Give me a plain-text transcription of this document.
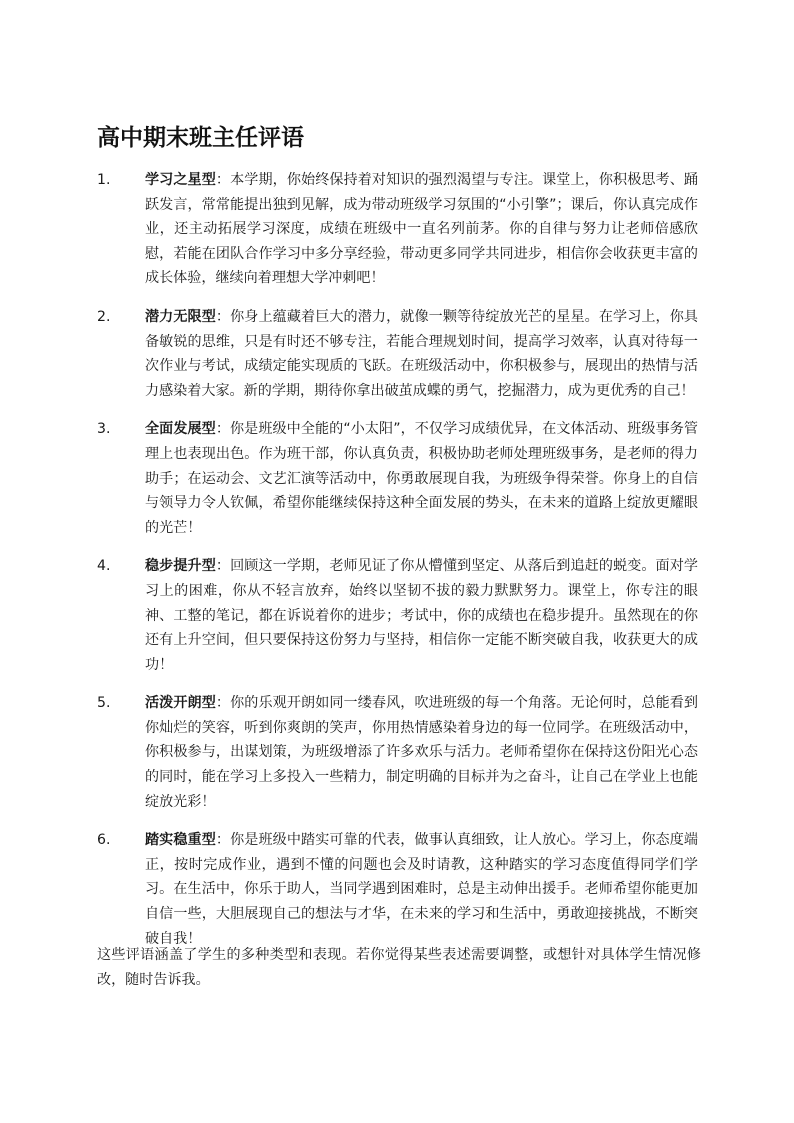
高中期末班主任评语
1. 学习之星型：本学期，你始终保持着对知识的强烈渴望与专注。课堂上，你积极思考、踊跃发言，常常能提出独到见解，成为带动班级学习氛围的“小引擎”；课后，你认真完成作业，还主动拓展学习深度，成绩在班级中一直名列前茅。你的自律与努力让老师倍感欣慰，若能在团队合作学习中多分享经验，带动更多同学共同进步，相信你会收获更丰富的成长体验，继续向着理想大学冲刺吧！
2. 潜力无限型：你身上蕴藏着巨大的潜力，就像一颗等待绽放光芒的星星。在学习上，你具备敏锐的思维，只是有时还不够专注，若能合理规划时间，提高学习效率，认真对待每一次作业与考试，成绩定能实现质的飞跃。在班级活动中，你积极参与，展现出的热情与活力感染着大家。新的学期，期待你拿出破茧成蝶的勇气，挖掘潜力，成为更优秀的自己！
3. 全面发展型：你是班级中全能的“小太阳”，不仅学习成绩优异，在文体活动、班级事务管理上也表现出色。作为班干部，你认真负责，积极协助老师处理班级事务，是老师的得力助手；在运动会、文艺汇演等活动中，你勇敢展现自我，为班级争得荣誉。你身上的自信与领导力令人钦佩，希望你能继续保持这种全面发展的势头，在未来的道路上绽放更耀眼的光芒！
4. 稳步提升型：回顾这一学期，老师见证了你从懵懂到坚定、从落后到追赶的蜕变。面对学习上的困难，你从不轻言放弃，始终以坚韧不拔的毅力默默努力。课堂上，你专注的眼神、工整的笔记，都在诉说着你的进步；考试中，你的成绩也在稳步提升。虽然现在的你还有上升空间，但只要保持这份努力与坚持，相信你一定能不断突破自我，收获更大的成功！
5. 活泼开朗型：你的乐观开朗如同一缕春风，吹进班级的每一个角落。无论何时，总能看到你灿烂的笑容，听到你爽朗的笑声，你用热情感染着身边的每一位同学。在班级活动中，你积极参与，出谋划策，为班级增添了许多欢乐与活力。老师希望你在保持这份阳光心态的同时，能在学习上多投入一些精力，制定明确的目标并为之奋斗，让自己在学业上也能绽放光彩！
6. 踏实稳重型：你是班级中踏实可靠的代表，做事认真细致，让人放心。学习上，你态度端正，按时完成作业，遇到不懂的问题也会及时请教，这种踏实的学习态度值得同学们学习。在生活中，你乐于助人，当同学遇到困难时，总是主动伸出援手。老师希望你能更加自信一些，大胆展现自己的想法与才华，在未来的学习和生活中，勇敢迎接挑战，不断突破自我！

这些评语涵盖了学生的多种类型和表现。若你觉得某些表述需要调整，或想针对具体学生情况修改，随时告诉我。
